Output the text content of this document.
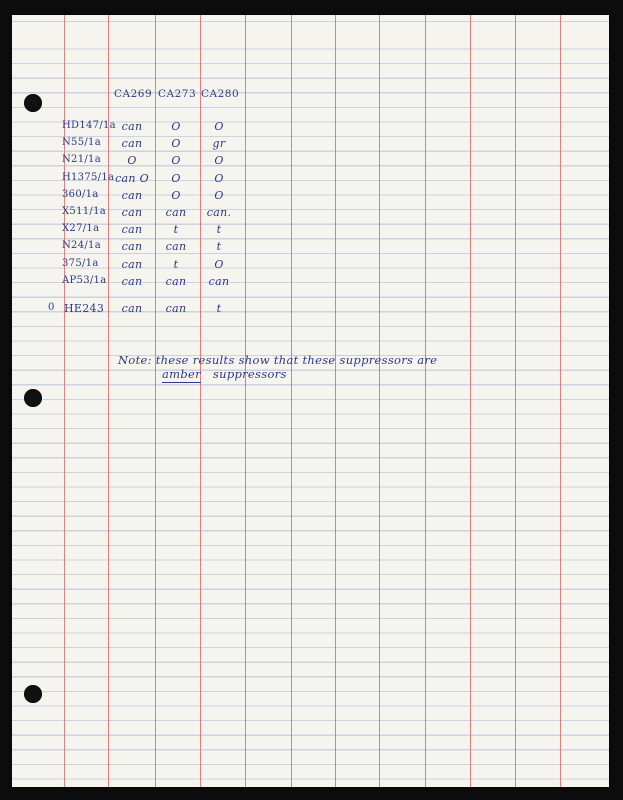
CA269 CA273 CA280
HD147/1a can	O	O
N55/1a	can	O	gr
N21/1a	O	O	O
H1375/1a can O	O	O
360/1a	can	O	O
X511/1a	can	can	can.
X27/1a	can	t	t
N24/1a	can	can	t
375/1a	can	t	O
AP53/1a	can	can	can
0 HE243	can	can	t
Note: these results show that these suppressors are
amber suppressors
